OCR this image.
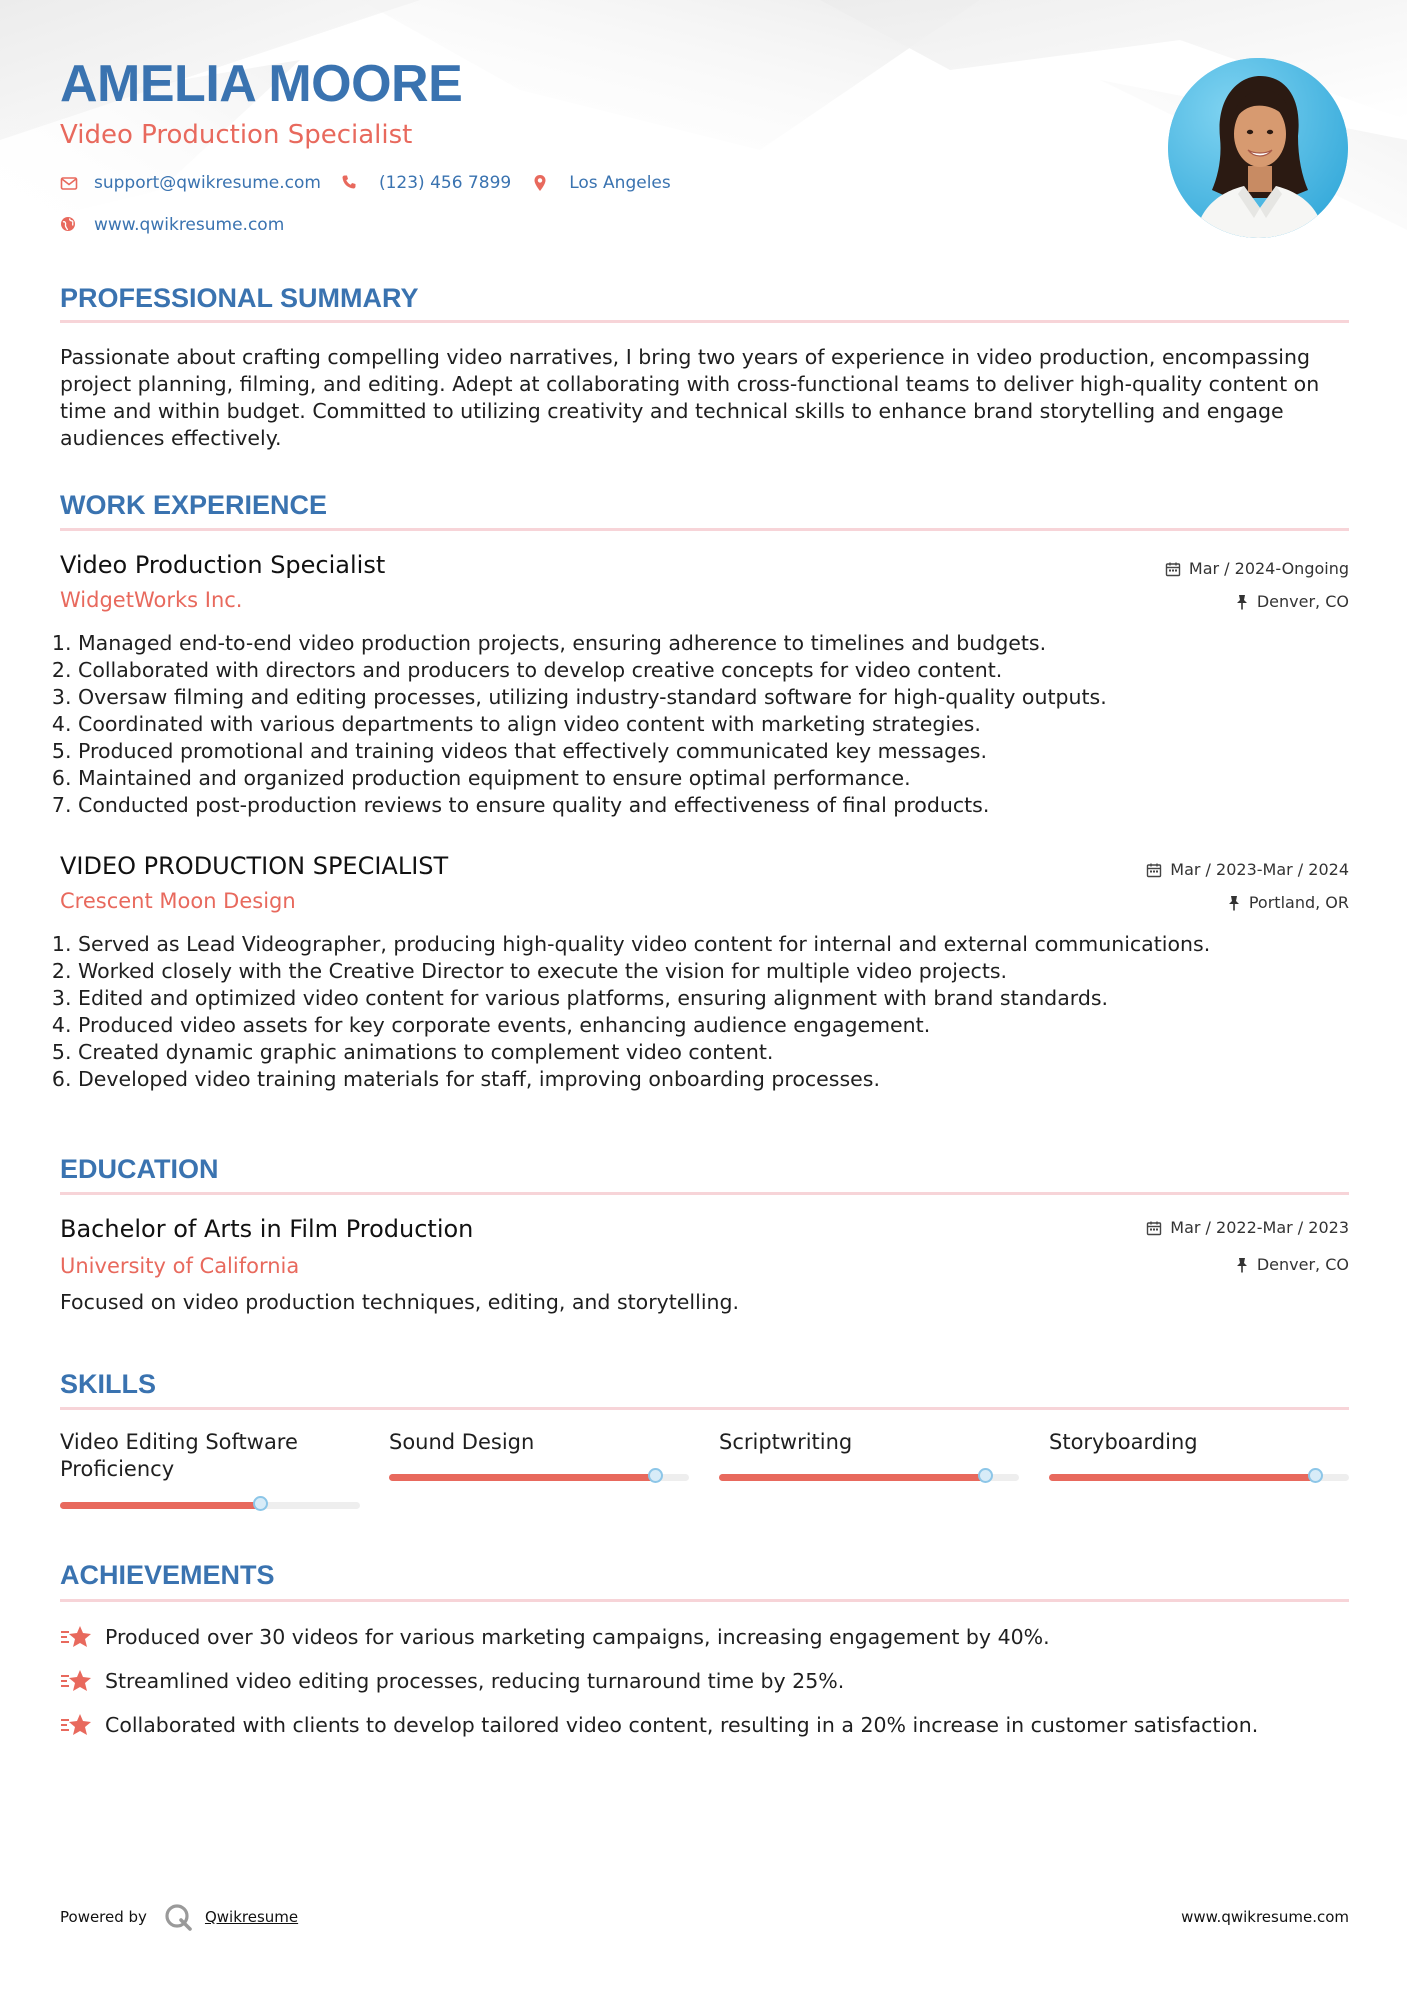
AMELIA MOORE
Video Production Specialist
support@qwikresume.com	(123) 456 7899	Los Angeles
www.qwikresume.com
PROFESSIONAL SUMMARY

Passionate about crafting compelling video narratives, I bring two years of experience in video production, encompassing project planning, filming, and editing. Adept at collaborating with cross-functional teams to deliver high-quality content on time and within budget. Committed to utilizing creativity and technical skills to enhance brand storytelling and engage audiences effectively.

WORK EXPERIENCE
Video Production Specialist	Mar / 2024-Ongoing
WidgetWorks Inc.	Denver, CO
1. Managed end-to-end video production projects, ensuring adherence to timelines and budgets.
2. Collaborated with directors and producers to develop creative concepts for video content.
3. Oversaw filming and editing processes, utilizing industry-standard software for high-quality outputs.
4. Coordinated with various departments to align video content with marketing strategies.
5. Produced promotional and training videos that effectively communicated key messages.
6. Maintained and organized production equipment to ensure optimal performance.
7. Conducted post-production reviews to ensure quality and effectiveness of final products.
VIDEO PRODUCTION SPECIALIST	Mar / 2023-Mar / 2024
Crescent Moon Design	Portland, OR
1. Served as Lead Videographer, producing high-quality video content for internal and external communications.
2. Worked closely with the Creative Director to execute the vision for multiple video projects.
3. Edited and optimized video content for various platforms, ensuring alignment with brand standards.
4. Produced video assets for key corporate events, enhancing audience engagement.
5. Created dynamic graphic animations to complement video content.
6. Developed video training materials for staff, improving onboarding processes.
EDUCATION
Bachelor of Arts in Film Production	Mar / 2022-Mar / 2023
University of California	Denver, CO

Focused on video production techniques, editing, and storytelling.

SKILLS

Video Editing Software Proficiency

Sound Design	Scriptwriting	Storyboarding

ACHIEVEMENTS
Produced over 30 videos for various marketing campaigns, increasing engagement by 40%.
Streamlined video editing processes, reducing turnaround time by 25%.
Collaborated with clients to develop tailored video content, resulting in a 20% increase in customer satisfaction.
Powered by	Qwikresume	www.qwikresume.com
